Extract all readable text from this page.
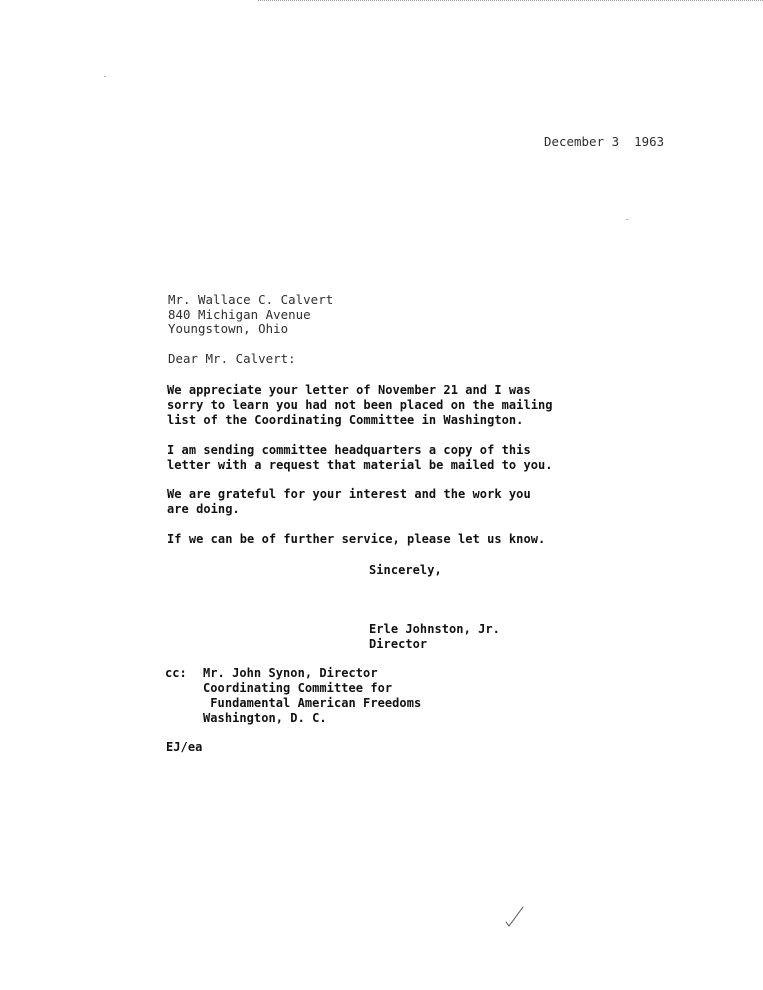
December 3  1963
Mr. Wallace C. Calvert
840 Michigan Avenue
Youngstown, Ohio
Dear Mr. Calvert:
We appreciate your letter of November 21 and I was
sorry to learn you had not been placed on the mailing
list of the Coordinating Committee in Washington.
I am sending committee headquarters a copy of this
letter with a request that material be mailed to you.
We are grateful for your interest and the work you
are doing.
If we can be of further service, please let us know.
Sincerely,
Erle Johnston, Jr.
Director
cc: Mr. John Synon, Director
Coordinating Committee for
Fundamental American Freedoms
Washington, D. C.
EJ/ea
